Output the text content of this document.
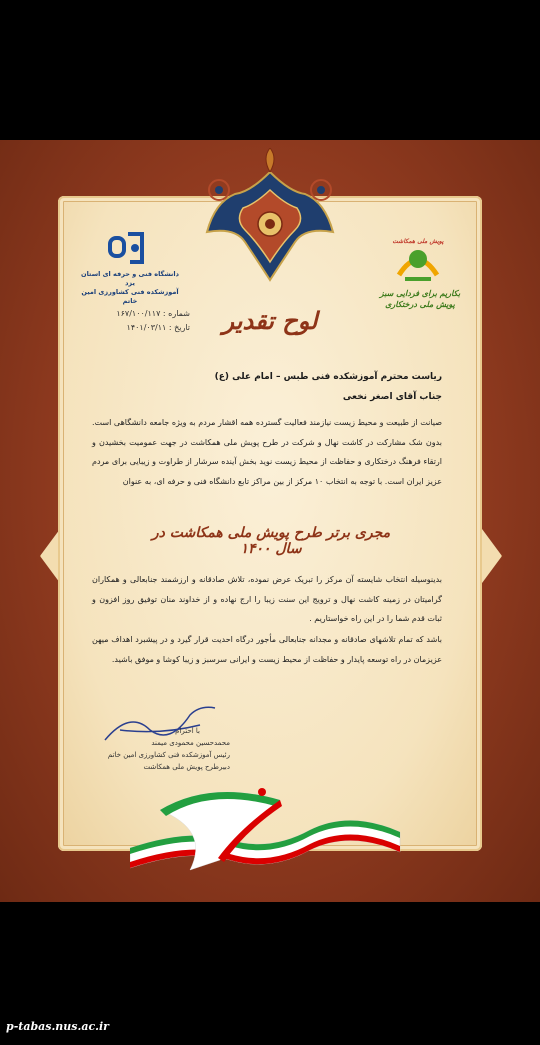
دانشگاه فنی و حرفه ای استان یزد
آموزشکده فنی کشاورزی امین خاتم
پویش ملی همکاشت
بکاریم برای فردایی سبز
پویش ملی درختکاری
شماره : ۱۶۷/۱۰۰/۱۱۷
تاریخ : ۱۴۰۱/۰۳/۱۱	لوح تقدیر
ریاست محترم آموزشکده فنی طبس – امام علی (ع)
جناب آقای اصغر نخعی
صیانت از طبیعت و محیط زیست نیازمند فعالیت گسترده همه اقشار مردم به ویژه جامعه دانشگاهی است. بدون شک مشارکت در کاشت نهال و شرکت در طرح پویش ملی همکاشت در جهت عمومیت بخشیدن و ارتقاء فرهنگ درختکاری و حفاظت از محیط زیست نوید بخش آینده سرشار از طراوت و زیبایی برای مردم عزیز ایران است. با توجه به انتخاب ۱۰ مرکز از بین مراکز تابع دانشگاه فنی و حرفه ای، به عنوان
مجری برتر طرح پویش ملی همکاشت در سال ۱۴۰۰
بدینوسیله انتخاب شایسته آن مرکز را تبریک عرض نموده، تلاش صادقانه و ارزشمند جنابعالی و همکاران گرامیتان در زمینه کاشت نهال و ترویج این سنت زیبا را ارج نهاده و از خداوند منان توفیق روز افزون و ثبات قدم شما را در این راه خواستاریم .
باشد که تمام تلاشهای صادقانه و مجدانه جنابعالی مأجور درگاه احدیت قرار گیرد و در پیشبرد اهداف میهن عزیزمان در راه توسعه پایدار و حفاظت از محیط زیست و ایرانی سرسبز و زیبا کوشا و موفق باشید.
با احترام
محمدحسین محمودی میمند
رئیس آموزشکده فنی کشاورزی امین خاتم
دبیرطرح پویش ملی همکاشت
p-tabas.nus.ac.ir
